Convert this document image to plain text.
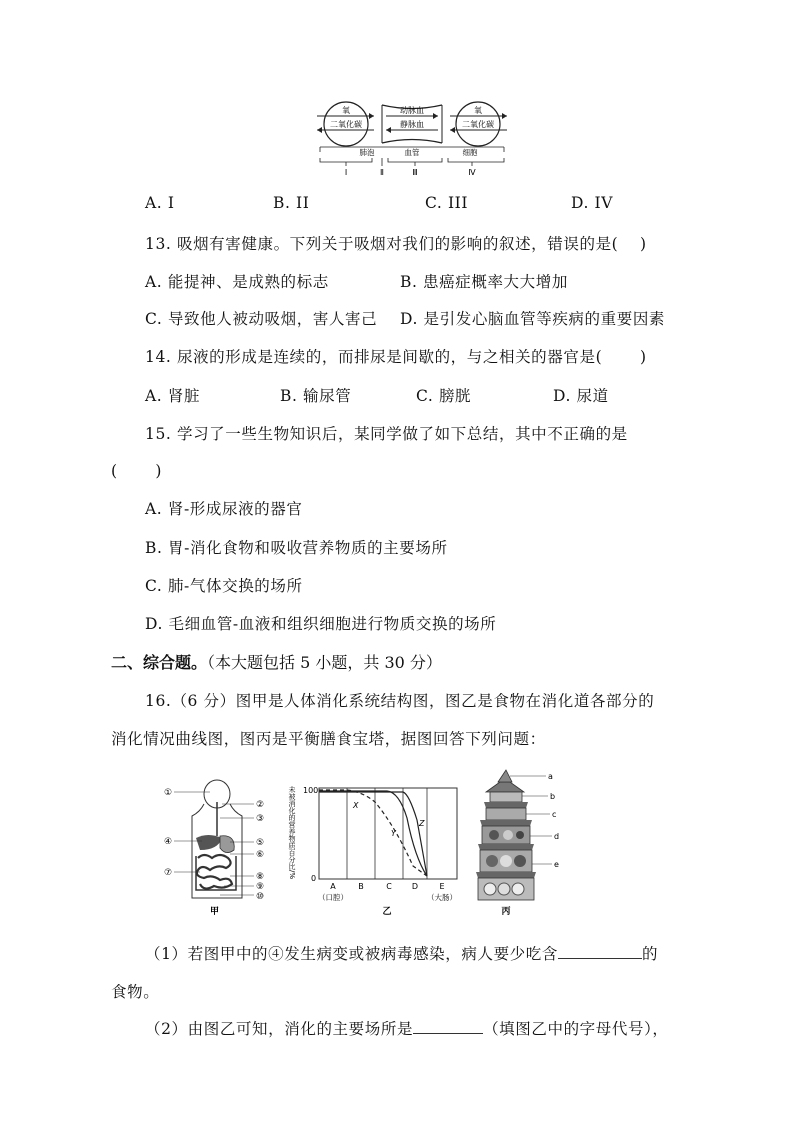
氧
二氧化碳
动脉血
静脉血
氧
二氧化碳
肺泡	血管	细胞
Ⅰ	Ⅱ	Ⅲ	Ⅳ
A. I	B. II	C. III	D. IV
13. 吸烟有害健康。下列关于吸烟对我们的影响的叙述，错误的是(　 )
A. 能提神、是成熟的标志	B. 患癌症概率大大增加
C. 导致他人被动吸烟，害人害己 D. 是引发心脑血管等疾病的重要因素
14. 尿液的形成是连续的，而排尿是间歇的，与之相关的器官是(　　 )
A. 肾脏	B. 输尿管	C. 膀胱	D. 尿道
15. 学习了一些生物知识后，某同学做了如下总结，其中不正确的是
(　　 )
A. 肾-形成尿液的器官
B. 胃-消化食物和吸收营养物质的主要场所
C. 肺-气体交换的场所
D. 毛细血管-血液和组织细胞进行物质交换的场所
二、综合题。（本大题包括 5 小题，共 30 分）
16.（6 分）图甲是人体消化系统结构图，图乙是食物在消化道各部分的
消化情况曲线图，图丙是平衡膳食宝塔，据图回答下列问题：
①
②
③
④	⑤
⑥
⑦	⑧
⑨
⑩
甲
未被消化的营养物质百分比/% 100
0
X
Y
Z
A	B	C	D	E
（口腔）	（大肠）
乙
a
b
c
d
e
丙
（1）若图甲中的④发生病变或被病毒感染，病人要少吃含	的
食物。
（2）由图乙可知，消化的主要场所是	（填图乙中的字母代号），
